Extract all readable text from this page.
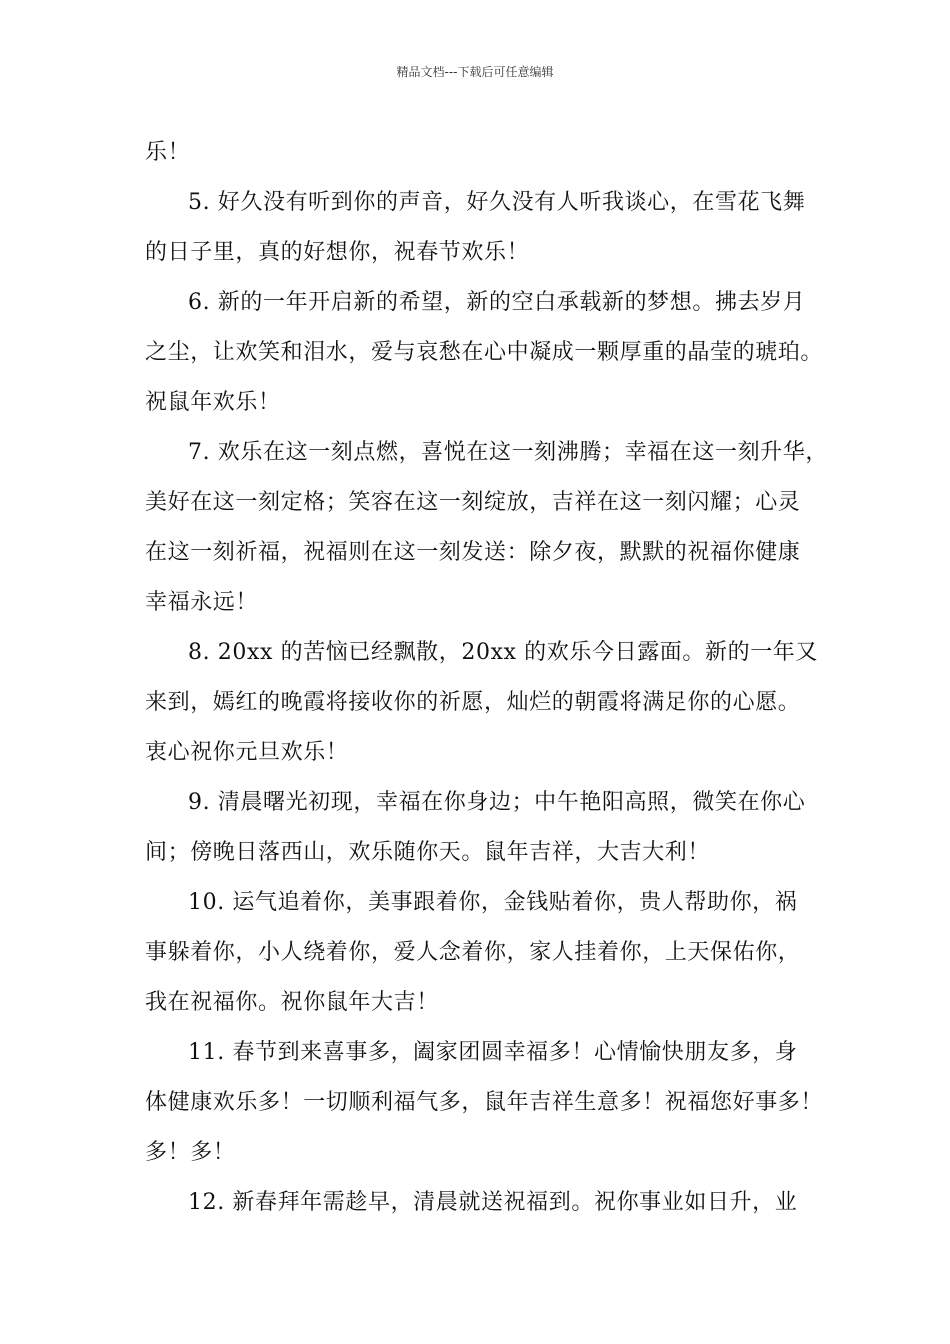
精品文档---下载后可任意编辑
乐！
5. 好久没有听到你的声音，好久没有人听我谈心，在雪花飞舞
的日子里，真的好想你，祝春节欢乐！
6. 新的一年开启新的希望，新的空白承载新的梦想。拂去岁月
之尘，让欢笑和泪水，爱与哀愁在心中凝成一颗厚重的晶莹的琥珀。
祝鼠年欢乐！
7. 欢乐在这一刻点燃，喜悦在这一刻沸腾；幸福在这一刻升华，
美好在这一刻定格；笑容在这一刻绽放，吉祥在这一刻闪耀；心灵
在这一刻祈福，祝福则在这一刻发送：除夕夜，默默的祝福你健康
幸福永远！
8. 20xx 的苦恼已经飘散，20xx 的欢乐今日露面。新的一年又
来到，嫣红的晚霞将接收你的祈愿，灿烂的朝霞将满足你的心愿。
衷心祝你元旦欢乐！
9. 清晨曙光初现，幸福在你身边；中午艳阳高照，微笑在你心
间；傍晚日落西山，欢乐随你天。鼠年吉祥，大吉大利！
10. 运气追着你，美事跟着你，金钱贴着你，贵人帮助你，祸
事躲着你，小人绕着你，爱人念着你，家人挂着你，上天保佑你，
我在祝福你。祝你鼠年大吉！
11. 春节到来喜事多，阖家团圆幸福多！心情愉快朋友多，身
体健康欢乐多！一切顺利福气多，鼠年吉祥生意多！祝福您好事多！
多！多！
12. 新春拜年需趁早，清晨就送祝福到。祝你事业如日升，业
